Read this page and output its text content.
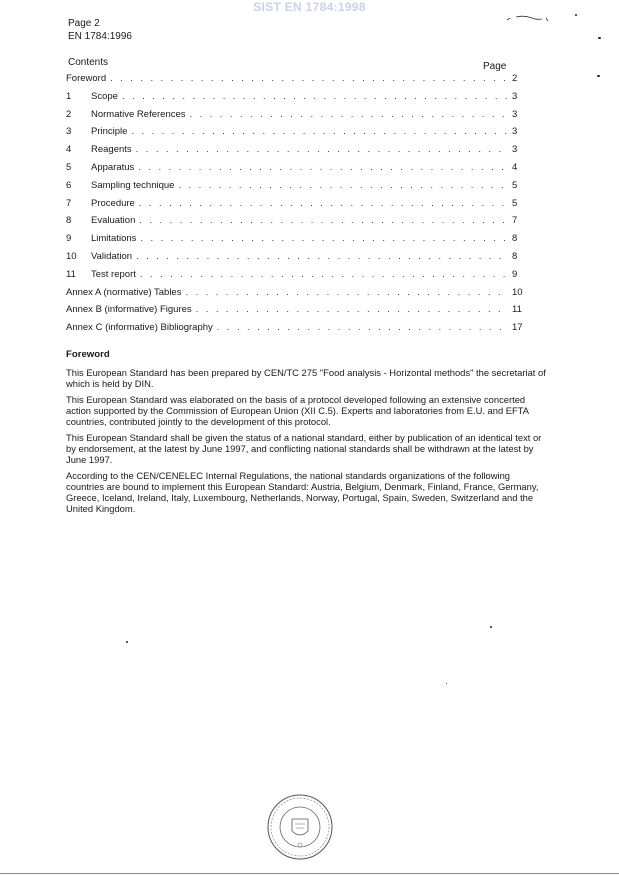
SIST EN 1784:1998
Page 2
EN 1784:1996
Contents	Page
Foreword . . .	2
1	Scope . . .	3
2	Normative References . . .	3
3	Principle . . .	3
4	Reagents . . .	3
5	Apparatus . . .	4
6	Sampling technique . . .	5
7	Procedure . . .	5
8	Evaluation . . .	7
9	Limitations . . .	8
10	Validation . . .	8
11	Test report . . .	9
Annex A (normative) Tables . . .	10
Annex B (informative) Figures . . .	11
Annex C (informative) Bibliography . . .	17
Foreword

This European Standard has been prepared by CEN/TC 275 "Food analysis - Horizontal methods" the secretariat of which is held by DIN.

This European Standard was elaborated on the basis of a protocol developed following an extensive concerted action supported by the Commission of European Union (XII C.5). Experts and laboratories from E.U. and EFTA countries, contributed jointly to the development of this protocol.

This European Standard shall be given the status of a national standard, either by publication of an identical text or by endorsement, at the latest by June 1997, and conflicting national standards shall be withdrawn at the latest by June 1997.

According to the CEN/CENELEC Internal Regulations, the national standards organizations of the following countries are bound to implement this European Standard: Austria, Belgium, Denmark, Finland, France, Germany, Greece, Iceland, Ireland, Italy, Luxembourg, Netherlands, Norway, Portugal, Spain, Sweden, Switzerland and the United Kingdom.
